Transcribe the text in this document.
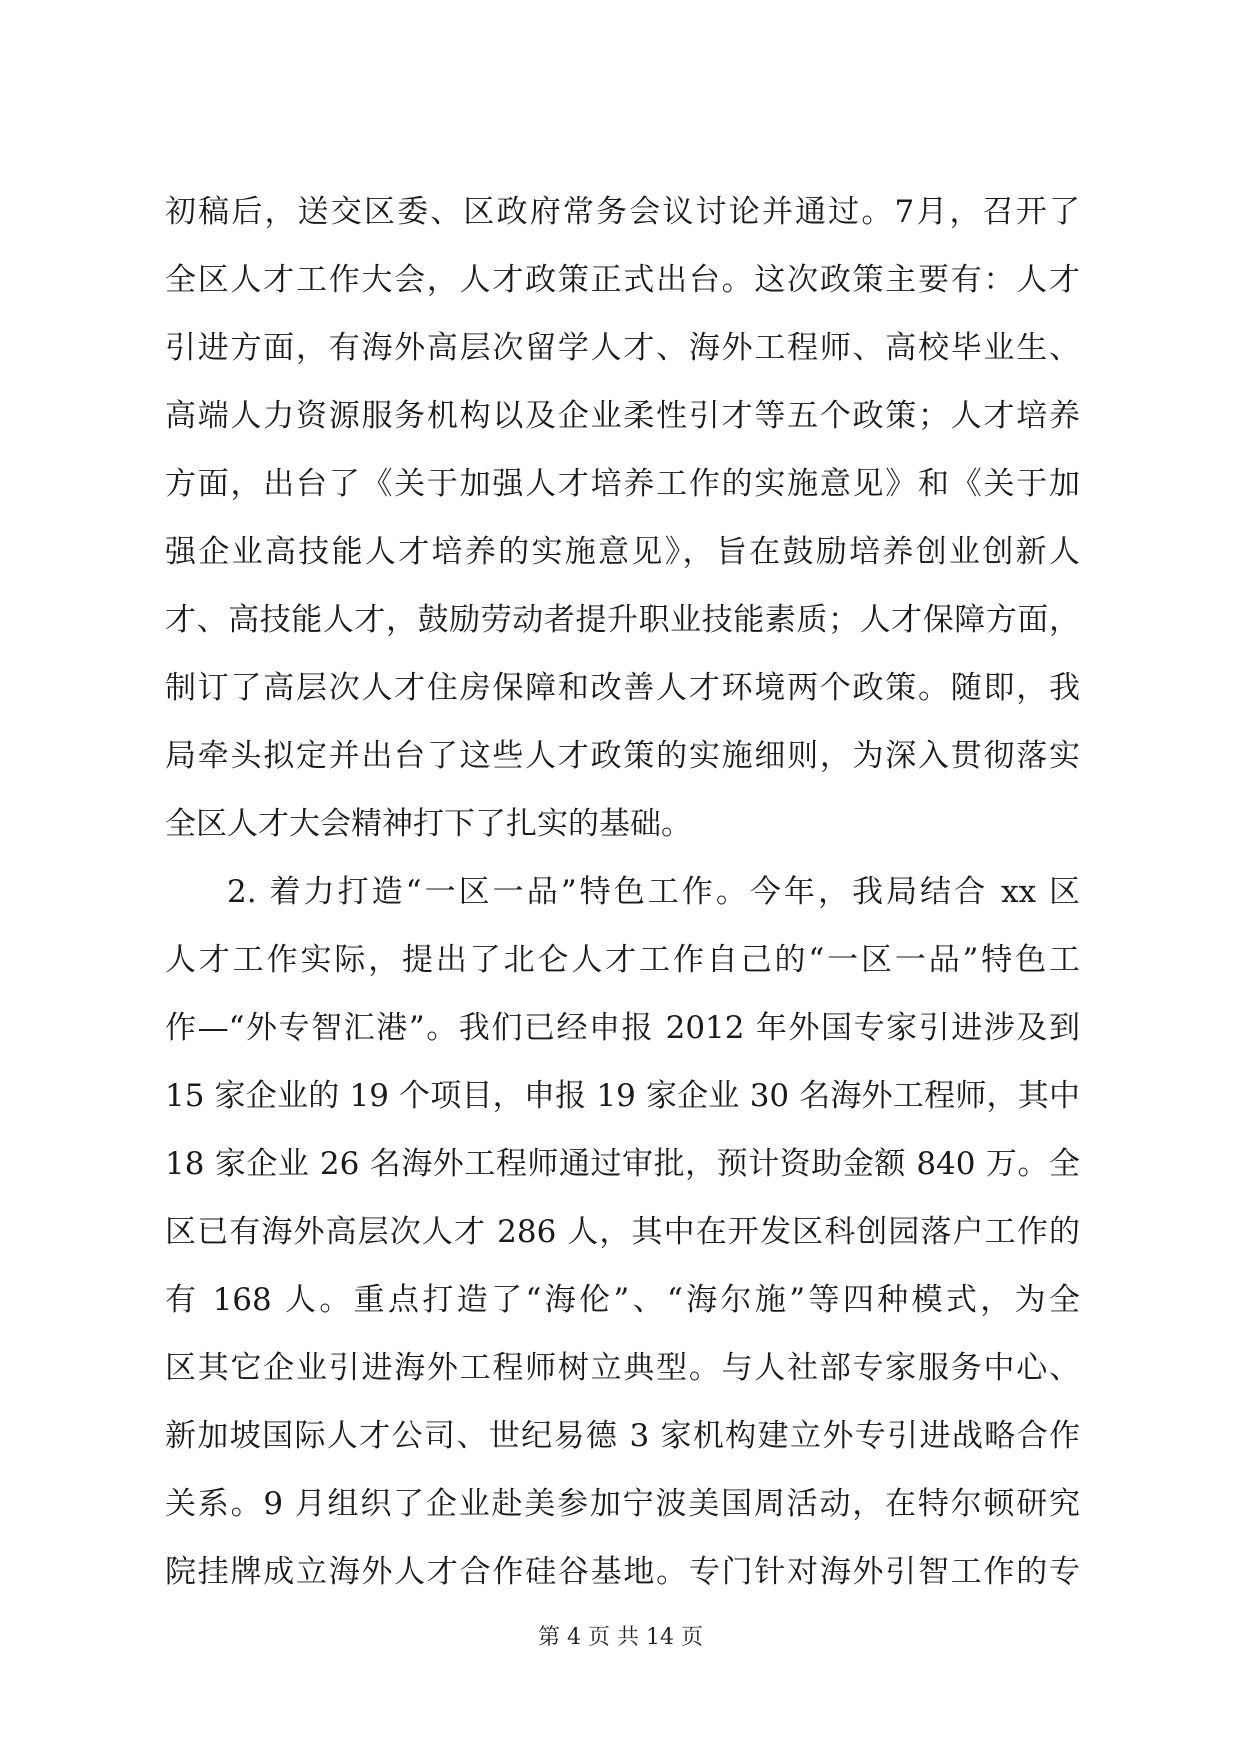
初稿后，送交区委、区政府常务会议讨论并通过。7月，召开了
全区人才工作大会，人才政策正式出台。这次政策主要有：人才
引进方面，有海外高层次留学人才、海外工程师、高校毕业生、
高端人力资源服务机构以及企业柔性引才等五个政策；人才培养
方面，出台了《关于加强人才培养工作的实施意见》和《关于加
强企业高技能人才培养的实施意见》，旨在鼓励培养创业创新人
才、高技能人才，鼓励劳动者提升职业技能素质；人才保障方面，
制订了高层次人才住房保障和改善人才环境两个政策。随即，我
局牵头拟定并出台了这些人才政策的实施细则，为深入贯彻落实
全区人才大会精神打下了扎实的基础。
2. 着力打造“一区一品”特色工作。今年，我局结合 xx 区
人才工作实际，提出了北仑人才工作自己的“一区一品”特色工
作—“外专智汇港”。我们已经申报 2012 年外国专家引进涉及到
15 家企业的 19 个项目，申报 19 家企业 30 名海外工程师，其中
18 家企业 26 名海外工程师通过审批，预计资助金额 840 万。全
区已有海外高层次人才 286 人，其中在开发区科创园落户工作的
有 168 人。重点打造了“海伦”、“海尔施”等四种模式，为全
区其它企业引进海外工程师树立典型。与人社部专家服务中心、
新加坡国际人才公司、世纪易德 3 家机构建立外专引进战略合作
关系。9 月组织了企业赴美参加宁波美国周活动，在特尔顿研究
院挂牌成立海外人才合作硅谷基地。专门针对海外引智工作的专
第 4 页 共 14 页
